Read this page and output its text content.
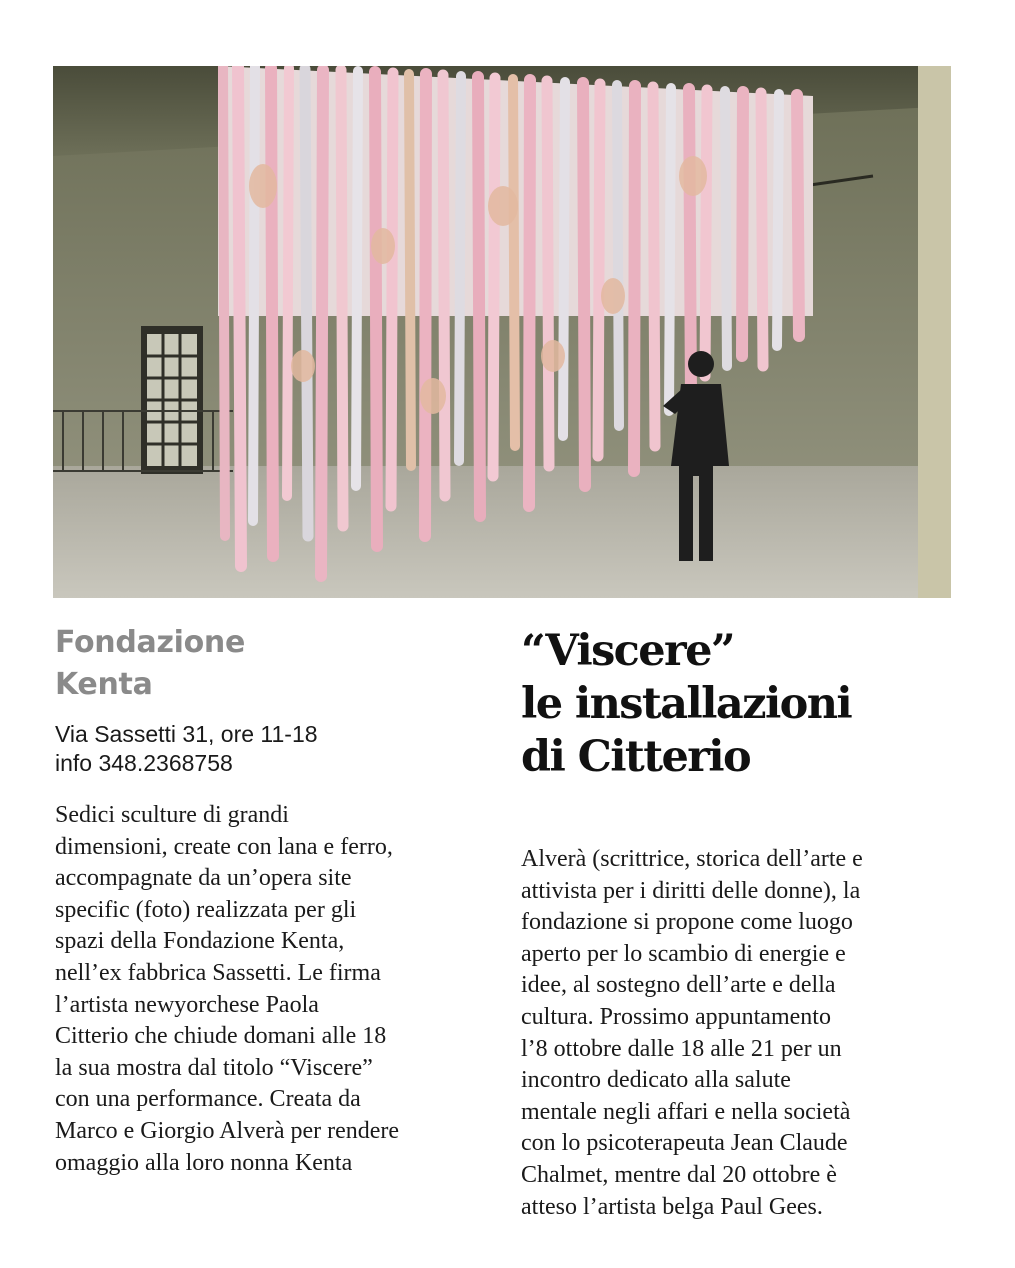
Fondazione
Kenta
Via Sassetti 31, ore 11-18
info 348.2368758
Sedici sculture di grandi
dimensioni, create con lana e ferro,
accompagnate da un’opera site
specific (foto) realizzata per gli
spazi della Fondazione Kenta,
nell’ex fabbrica Sassetti. Le firma
l’artista newyorchese Paola
Citterio che chiude domani alle 18
la sua mostra dal titolo “Viscere”
con una performance. Creata da
Marco e Giorgio Alverà per rendere
omaggio alla loro nonna Kenta
“Viscere”
le installazioni
di Citterio
Alverà (scrittrice, storica dell’arte e
attivista per i diritti delle donne), la
fondazione si propone come luogo
aperto per lo scambio di energie e
idee, al sostegno dell’arte e della
cultura. Prossimo appuntamento
l’8 ottobre dalle 18 alle 21 per un
incontro dedicato alla salute
mentale negli affari e nella società
con lo psicoterapeuta Jean Claude
Chalmet, mentre dal 20 ottobre è
atteso l’artista belga Paul Gees.
